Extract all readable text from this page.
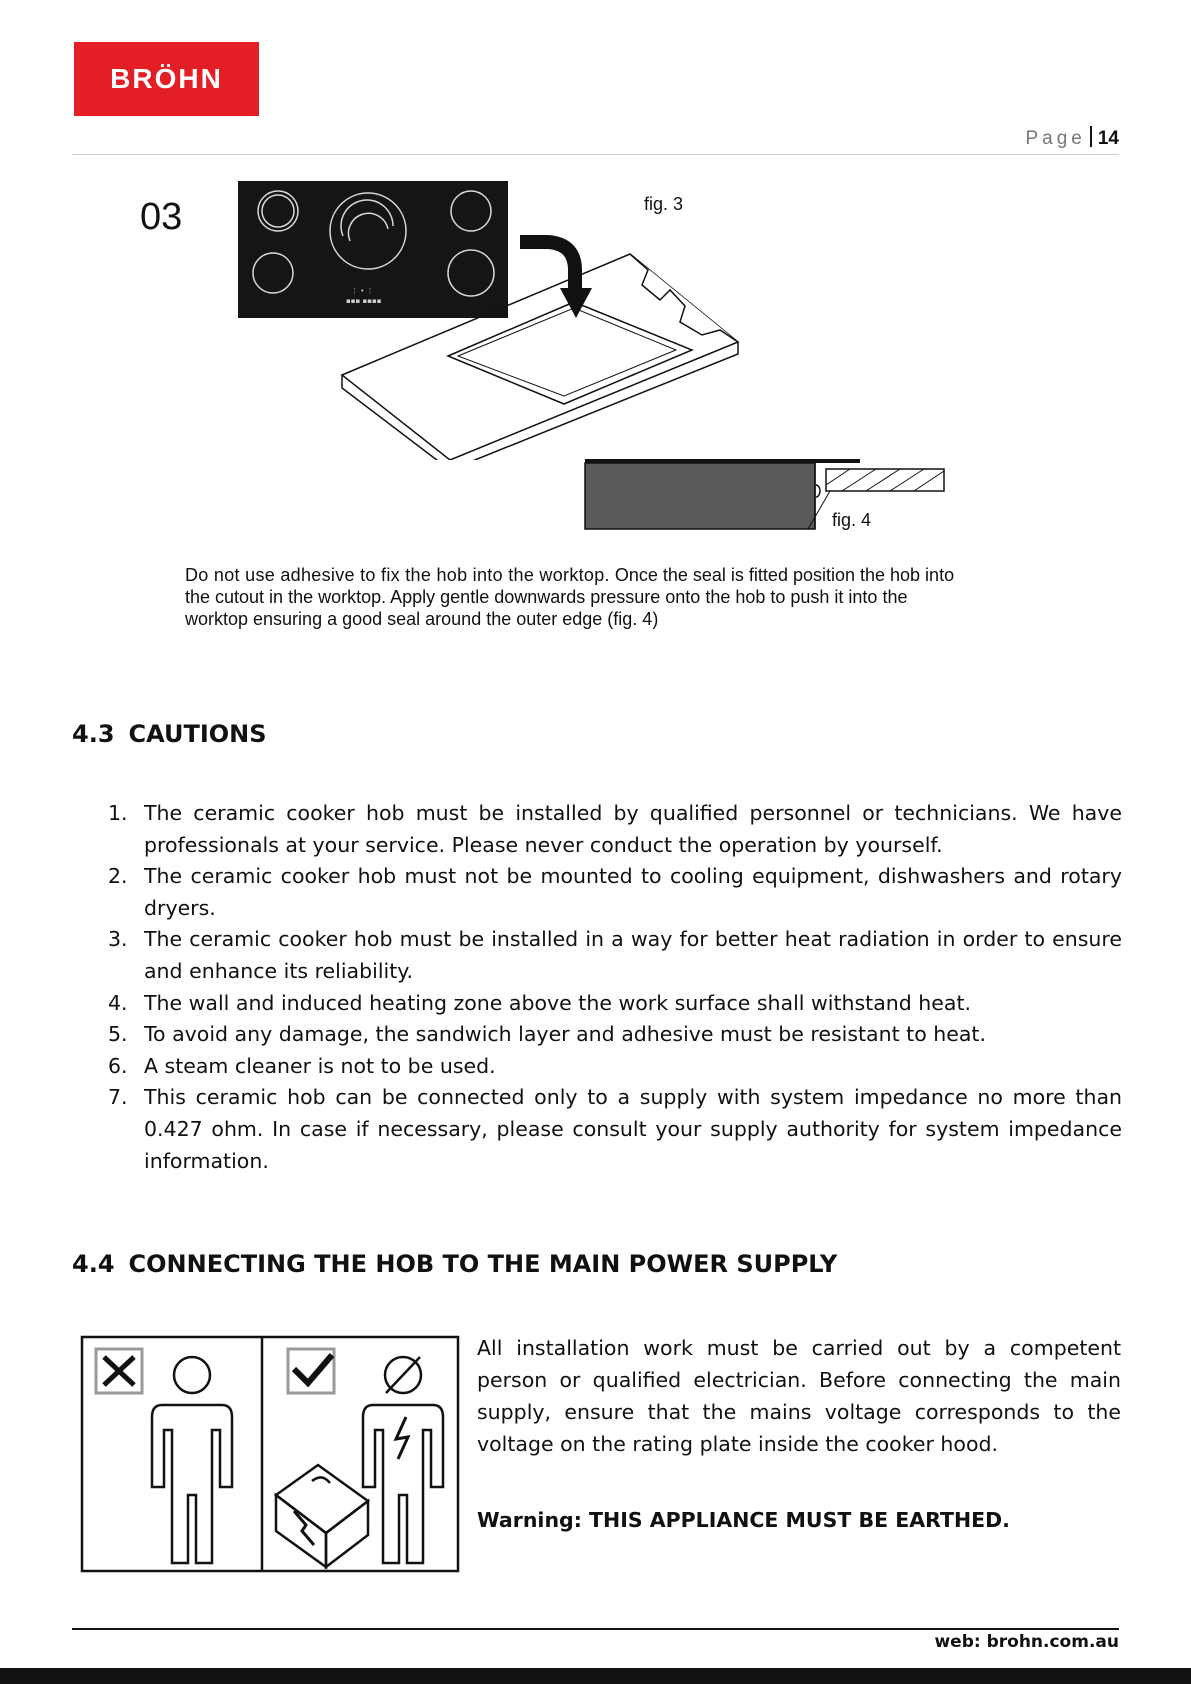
BRÖHN
Page 14
03
⋮ • ⋮
▪▪▪ ▪▪▪▪
fig. 3
fig. 4

Do not use adhesive to fix the hob into the worktop. Once the seal is fitted position the hob into the cutout in the worktop. Apply gentle downwards pressure onto the hob to push it into the worktop ensuring a good seal around the outer edge (fig. 4)

4.3 CAUTIONS
1. The ceramic cooker hob must be installed by qualified personnel or technicians. We have professionals at your service. Please never conduct the operation by yourself.
2. The ceramic cooker hob must not be mounted to cooling equipment, dishwashers and rotary dryers.
3. The ceramic cooker hob must be installed in a way for better heat radiation in order to ensure and enhance its reliability.
4. The wall and induced heating zone above the work surface shall withstand heat.
5. To avoid any damage, the sandwich layer and adhesive must be resistant to heat.
6. A steam cleaner is not to be used.
7. This ceramic hob can be connected only to a supply with system impedance no more than 0.427 ohm. In case if necessary, please consult your supply authority for system impedance information.
4.4 CONNECTING THE HOB TO THE MAIN POWER SUPPLY

All installation work must be carried out by a competent person or qualified electrician. Before connecting the main supply, ensure that the mains voltage corresponds to the voltage on the rating plate inside the cooker hood.

Warning: THIS APPLIANCE MUST BE EARTHED.

web: brohn.com.au
